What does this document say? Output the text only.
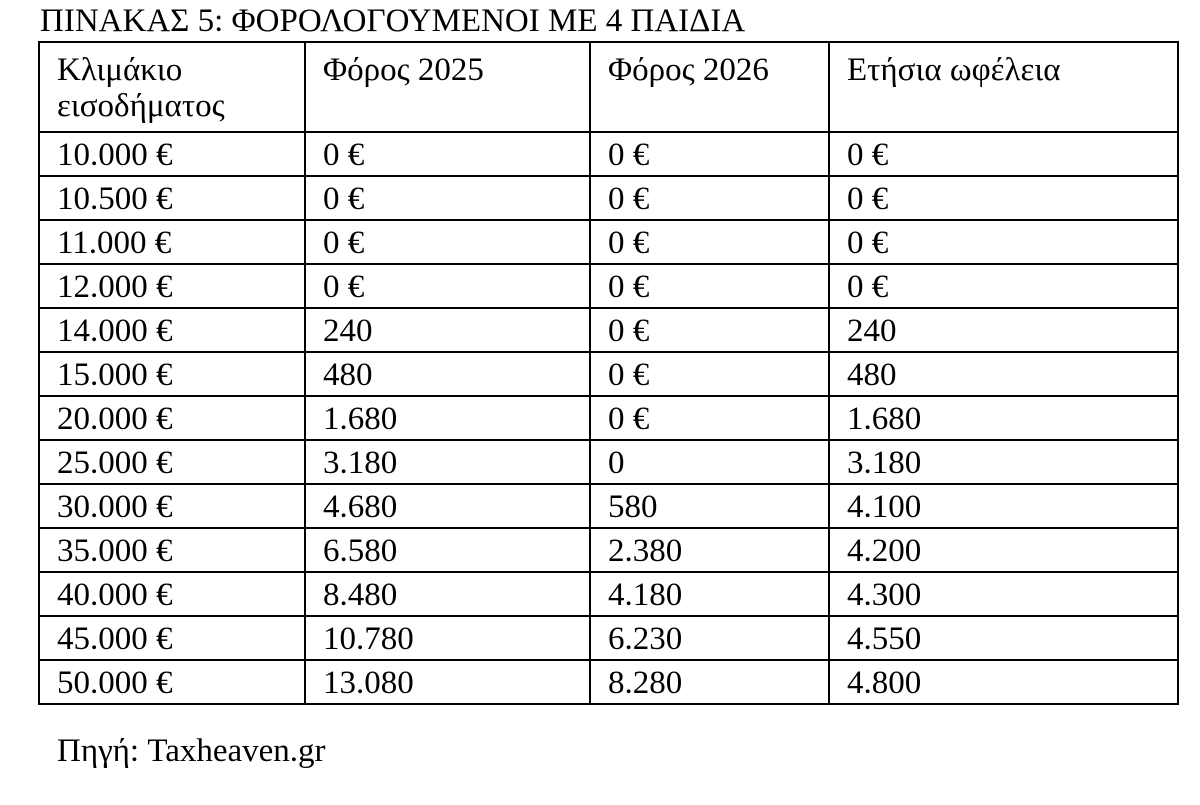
ΠΙΝΑΚΑΣ 5: ΦΟΡΟΛΟΓΟΥΜΕΝΟΙ ΜΕ 4 ΠΑΙΔΙΑ
Κλιμάκιο εισοδήματος	Φόρος 2025	Φόρος 2026	Ετήσια ωφέλεια
10.000 €	0 €	0 €	0 €
10.500 €	0 €	0 €	0 €
11.000 €	0 €	0 €	0 €
12.000 €	0 €	0 €	0 €
14.000 €	240	0 €	240
15.000 €	480	0 €	480
20.000 €	1.680	0 €	1.680
25.000 €	3.180	0	3.180
30.000 €	4.680	580	4.100
35.000 €	6.580	2.380	4.200
40.000 €	8.480	4.180	4.300
45.000 €	10.780	6.230	4.550
50.000 €	13.080	8.280	4.800
Πηγή: Taxheaven.gr
